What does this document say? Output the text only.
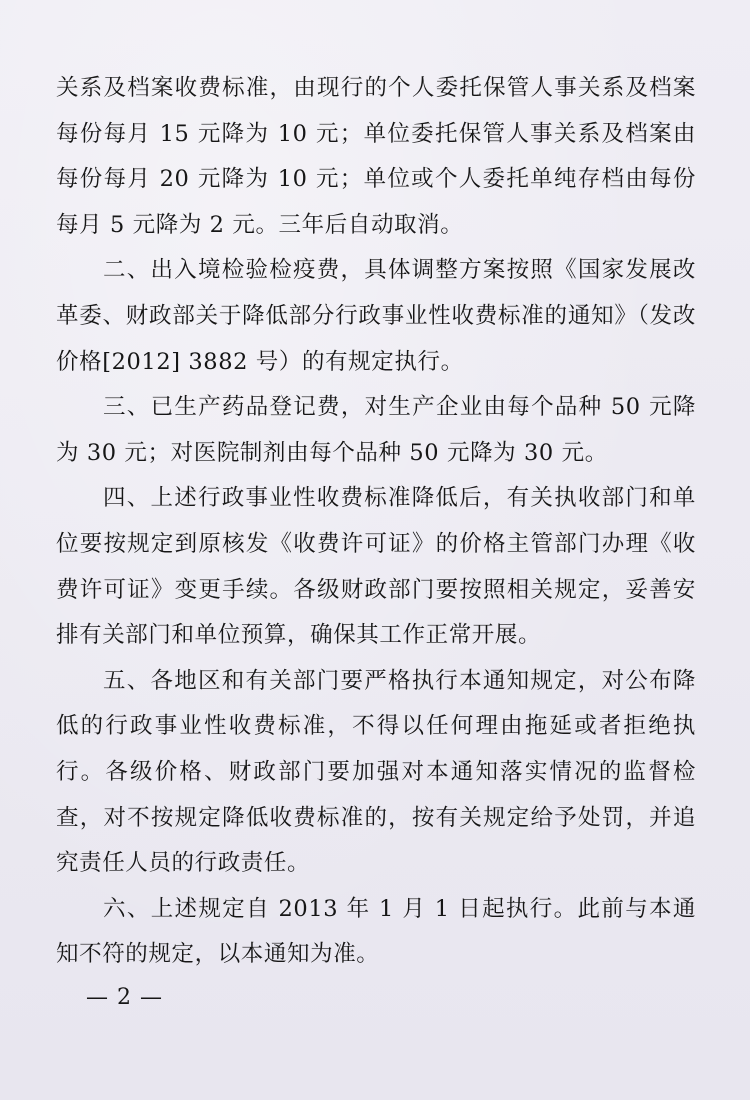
关系及档案收费标准，由现行的个人委托保管人事关系及档案每份每月 15 元降为 10 元；单位委托保管人事关系及档案由每份每月 20 元降为 10 元；单位或个人委托单纯存档由每份每月 5 元降为 2 元。三年后自动取消。

二、出入境检验检疫费，具体调整方案按照《国家发展改革委、财政部关于降低部分行政事业性收费标准的通知》（发改价格[2012] 3882 号）的有规定执行。

三、已生产药品登记费，对生产企业由每个品种 50 元降为 30 元；对医院制剂由每个品种 50 元降为 30 元。

四、上述行政事业性收费标准降低后，有关执收部门和单位要按规定到原核发《收费许可证》的价格主管部门办理《收费许可证》变更手续。各级财政部门要按照相关规定，妥善安排有关部门和单位预算，确保其工作正常开展。

五、各地区和有关部门要严格执行本通知规定，对公布降低的行政事业性收费标准，不得以任何理由拖延或者拒绝执行。各级价格、财政部门要加强对本通知落实情况的监督检查，对不按规定降低收费标准的，按有关规定给予处罚，并追究责任人员的行政责任。

六、上述规定自 2013 年 1 月 1 日起执行。此前与本通知不符的规定，以本通知为准。

— 2 —
